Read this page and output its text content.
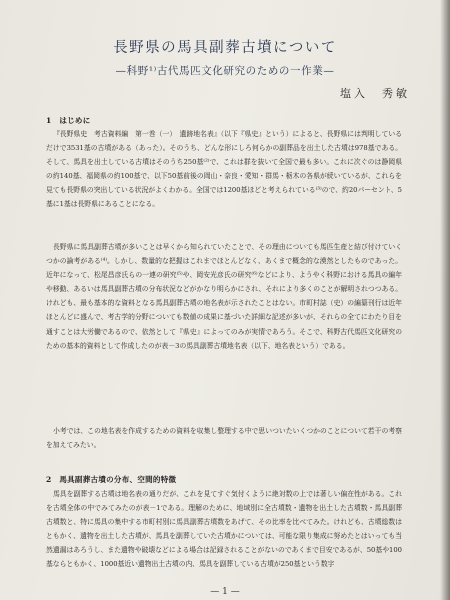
長野県の馬具副葬古墳について
—科野¹⁾古代馬匹文化研究のための一作業—
塩入　秀敏
1　はじめに

『長野県史　考古資料編　第一巻（一）　遺跡地名表』（以下『県史』という）によると、長野県には判明しているだけで3531基の古墳がある（あった）。そのうち、どんな形にしろ何らかの副葬品を出土した古墳は978基である。そして、馬具を出土している古墳はそのうち250基⁽²⁾で、これは群を抜いて全国で最も多い。これに次ぐのは静岡県の約140基、福岡県の約100基で、以下50基前後の岡山・奈良・愛知・群馬・栃木の各県が続いているが、これらを見ても長野県の突出している状況がよくわかる。全国では1200基ほどと考えられている⁽³⁾ので、約20パーセント、5基に1基は長野県にあることになる。

長野県に馬具副葬古墳が多いことは早くから知られていたことで、その理由についても馬匹生産と結び付けていくつかの論考がある⁽⁴⁾。しかし、数量的な把握はこれまでほとんどなく、あくまで概念的な漠然としたものであった。近年になって、松尾昌彦氏らの一連の研究⁽⁵⁾や、岡安光彦氏の研究⁽⁶⁾などにより、ようやく科野における馬具の編年や移動、あるいは馬具副葬古墳の分布状況などがかなり明らかにされ、それにより多くのことが解明されつつある。けれども、最も基本的な資料となる馬具副葬古墳の地名表が示されたことはない。市町村誌（史）の編纂刊行は近年ほとんどに盛んで、考古学的分野についても数値の成果に基づいた詳細な記述が多いが、それらの全てにわたり目を通すことは大労働であるので、依然として『県史』によってのみが実情であろう。そこで、科野古代馬匹文化研究のための基本的資料として作成したのが表－3の馬具副葬古墳地名表（以下、地名表という）である。

小考では、この地名表を作成するための資料を収集し整理する中で思いついたいくつかのことについて若干の考察を加えてみたい。

2　馬具副葬古墳の分布、空間的特徴

馬具を副葬する古墳は地名表の通りだが、これを見てすぐ気付くように絶対数の上では著しい偏在性がある。これを古墳全体の中でみてみたのが表－1である。理解のために、地域別に全古墳数・遺物を出土した古墳数・馬具副葬古墳数と、特に馬具の集中する市町村別に馬具副葬古墳数をあげて、その比率を比べてみた。けれども、古墳総数はともかく、遺物を出土した古墳が、馬具を副葬していた古墳かについては、可能な限り集成に努めたとはいっても当然遺漏はあろうし、また遺物や破壊などによる場合は記録されることがないのであくまで目安であるが、50基や100基ならともかく、1000基近い遺物出土古墳の内、馬具を副葬している古墳が250基という数字

— 1 —
